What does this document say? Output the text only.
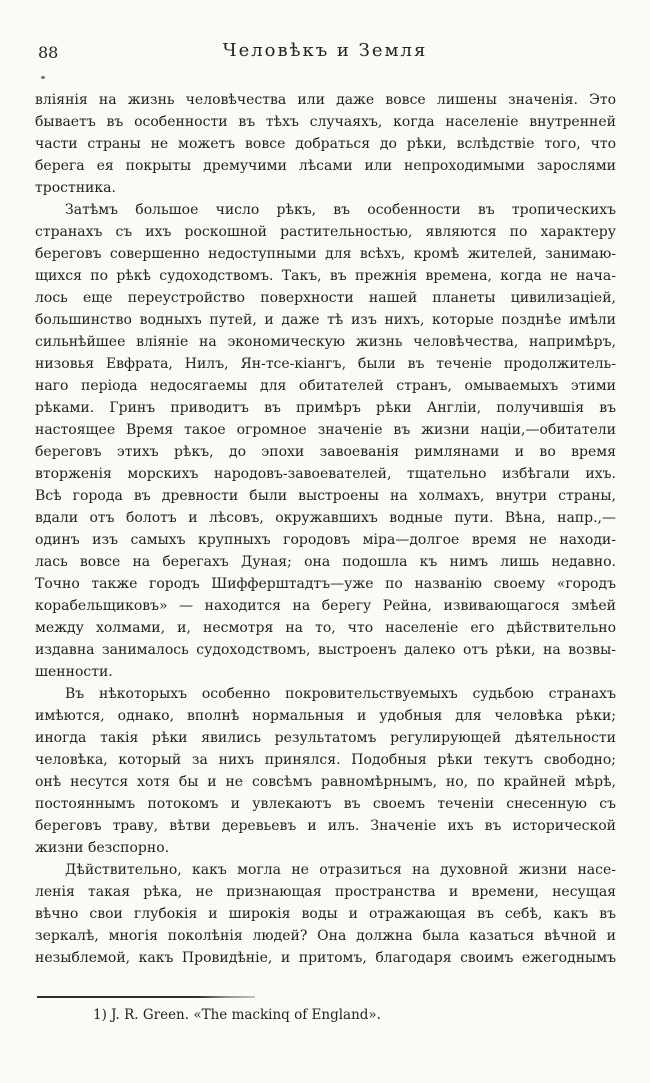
88	Человѣкъ и Земля
вліянія на жизнь человѣчества или даже вовсе лишены значенія. Это
бываетъ въ особенности въ тѣхъ случаяхъ, когда населеніе внутренней
части страны не можетъ вовсе добраться до рѣки, вслѣдствіе того, что
берега ея покрыты дремучими лѣсами или непроходимыми зарослями
тростника.
Затѣмъ большое число рѣкъ, въ особенности въ тропическихъ
странахъ съ ихъ роскошной растительностью, являются по характеру
береговъ совершенно недоступными для всѣхъ, кромѣ жителей, занимаю-
щихся по рѣкѣ судоходствомъ. Такъ, въ прежнія времена, когда не нача-
лось еще переустройство поверхности нашей планеты цивилизаціей,
большинство водныхъ путей, и даже тѣ изъ нихъ, которые позднѣе имѣли
сильнѣйшее вліяніе на экономическую жизнь человѣчества, напримѣръ,
низовья Евфрата, Нилъ, Ян-тсе-кіангъ, были въ теченіе продолжитель-
наго періода недосягаемы для обитателей странъ, омываемыхъ этими
рѣками. Гринъ приводитъ въ примѣръ рѣки Англіи, получившія въ
настоящее Время такое огромное значеніе въ жизни націи,—обитатели
береговъ этихъ рѣкъ, до эпохи завоеванія римлянами и во время
вторженія морскихъ народовъ-завоевателей, тщательно избѣгали ихъ.
Всѣ города въ древности были выстроены на холмахъ, внутри страны,
вдали отъ болотъ и лѣсовъ, окружавшихъ водные пути. Вѣна, напр.,—
одинъ изъ самыхъ крупныхъ городовъ міра—долгое время не находи-
лась вовсе на берегахъ Дуная; она подошла къ нимъ лишь недавно.
Точно также городъ Шифферштадтъ—уже по названію своему «городъ
корабельщиковъ» — находится на берегу Рейна, извивающагося змѣей
между холмами, и, несмотря на то, что населеніе его дѣйствительно
издавна занималось судоходствомъ, выстроенъ далеко отъ рѣки, на возвы-
шенности.
Въ нѣкоторыхъ особенно покровительствуемыхъ судьбою странахъ
имѣются, однако, вполнѣ нормальныя и удобныя для человѣка рѣки;
иногда такія рѣки явились результатомъ регулирующей дѣятельности
человѣка, который за нихъ принялся. Подобныя рѣки текутъ свободно;
онѣ несутся хотя бы и не совсѣмъ равномѣрнымъ, но, по крайней мѣрѣ,
постояннымъ потокомъ и увлекаютъ въ своемъ теченіи снесенную съ
береговъ траву, вѣтви деревьевъ и илъ. Значеніе ихъ въ исторической
жизни безспорно.
Дѣйствительно, какъ могла не отразиться на духовной жизни насе-
ленія такая рѣка, не признающая пространства и времени, несущая
вѣчно свои глубокія и широкія воды и отражающая въ себѣ, какъ въ
зеркалѣ, многія поколѣнія людей? Она должна была казаться вѣчной и
незыблемой, какъ Провидѣніе, и притомъ, благодаря своимъ ежегоднымъ
1) J. R. Green. «The mackinq of England».
